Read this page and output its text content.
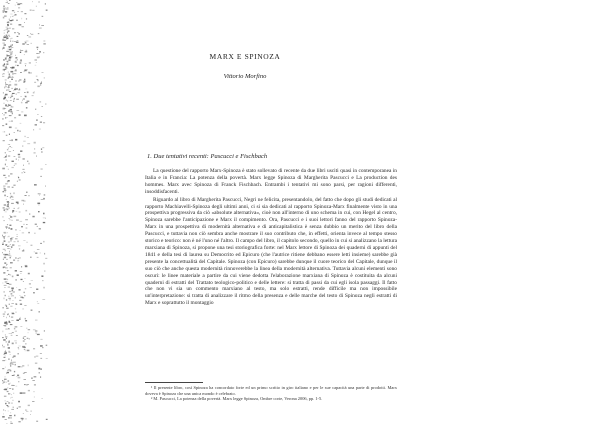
MARX E SPINOZA
Vittorio Morfino
1. Due tentativi recenti: Pascucci e Fischbach

La questione del rapporto Marx-Spinoza è stato sollevato di recente da due libri usciti quasi in contemporanea in Italia e in Francia: La potenza della povertà. Marx legge Spinoza di Margherita Pascucci e La production des hommes. Marx avec Spinoza di Franck Fischbach. Entrambi i tentativi mi sono parsi, per ragioni differenti, insoddisfacenti.

Riguardo al libro di Margherita Pascucci, Negri ne felicita, presentandolo, del fatto che dopo gli studi dedicati al rapporto Machiavelli-Spinoza degli ultimi anni, ci si sia dedicati al rapporto Spinoza-Marx finalmente visto in una prospettiva progressiva da ciò «absolute alternativa», cioè non all'interno di uno schema in cui, con Hegel al centro, Spinoza sarebbe l'anticipazione e Marx il compimento. Ora, Pascucci e i suoi lettori fanno del rapporto Spinoza-Marx in una prospettiva di modernità alternativa e di anticapitalistica è senza dubbio un merito del libro della Pascucci, e tuttavia non ciò sembra anche mostrare il suo contributo che, in effetti, orienta invece al tempo stesso storico e teorico: non è né l'uno né l'altro. Il campo del libro, il capitolo secondo, quello in cui si analizzano la lettura marxiana di Spinoza, si propone una tesi storiografica forte: nel Marx lettore di Spinoza dei quaderni di appunti del 1841 e della tesi di laurea su Democrito ed Epicuro (che l'autrice ritiene debbano essere letti insieme) sarebbe già presente la concettualità del Capitale. Spinoza (con Epicuro) sarebbe dunque il cuore teorico del Capitale, dunque il suo ciò che anche questa modernità rinnoverebbe la linea della modernità alternativa. Tuttavia alcuni elementi sono oscuri: le linee materiale a partire da cui viene dedotta l'elaborazione marxiana di Spinoza è costituita da alcuni quaderni di estratti del Trattato teologico-politico e delle lettere: si tratta di passi da cui egli isola passaggi. Il fatto che non vi sia un commento marxiano al testo, ma solo estratti, rende difficile ma non impossibile un'interpretazione: si tratta di analizzare il ritmo della presenza e delle marche del testo di Spinoza negli estratti di Marx e soprattutto il montaggio

¹ Il presente libro, così Spinoza ha concordato forte ed un primo scritto in giro italiano e per le sue capacità una parte di prodotti. Marx doveva è Spinoza che una unica mondo è celebrato.

² M. Pascucci, La potenza della povertà. Marx legge Spinoza, Ombre corte, Verona 2006, pp. 1-5.
